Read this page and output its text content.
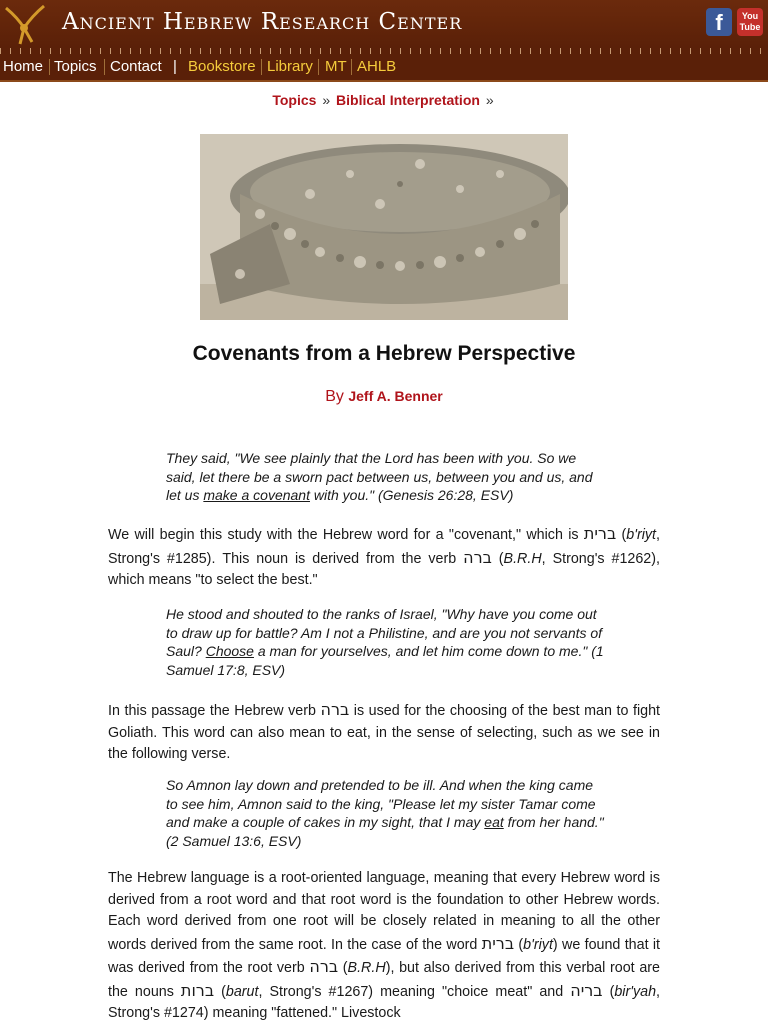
Ancient Hebrew Research Center	f	You Tube
Home Topics Contact | Bookstore Library MT AHLB
Topics » Biblical Interpretation »
Covenants from a Hebrew Perspective
By Jeff A. Benner
They said, "We see plainly that the Lord has been with you. So we said, let there be a sworn pact between us, between you and us, and let us make a covenant with you." (Genesis 26:28, ESV)
We will begin this study with the Hebrew word for a "covenant," which is ברית (b'riyt, Strong's #1285). This noun is derived from the verb ברה (B.R.H, Strong's #1262), which means "to select the best."
He stood and shouted to the ranks of Israel, "Why have you come out to draw up for battle? Am I not a Philistine, and are you not servants of Saul? Choose a man for yourselves, and let him come down to me." (1 Samuel 17:8, ESV)
In this passage the Hebrew verb ברה is used for the choosing of the best man to fight Goliath. This word can also mean to eat, in the sense of selecting, such as we see in the following verse.
So Amnon lay down and pretended to be ill. And when the king came to see him, Amnon said to the king, "Please let my sister Tamar come and make a couple of cakes in my sight, that I may eat from her hand." (2 Samuel 13:6, ESV)
The Hebrew language is a root-oriented language, meaning that every Hebrew word is derived from a root word and that root word is the foundation to other Hebrew words. Each word derived from one root will be closely related in meaning to all the other words derived from the same root. In the case of the word ברית (b'riyt) we found that it was derived from the root verb ברה (B.R.H), but also derived from this verbal root are the nouns ברות (barut, Strong's #1267) meaning "choice meat" and בריה (bir'yah, Strong's #1274) meaning "fattened." Livestock
